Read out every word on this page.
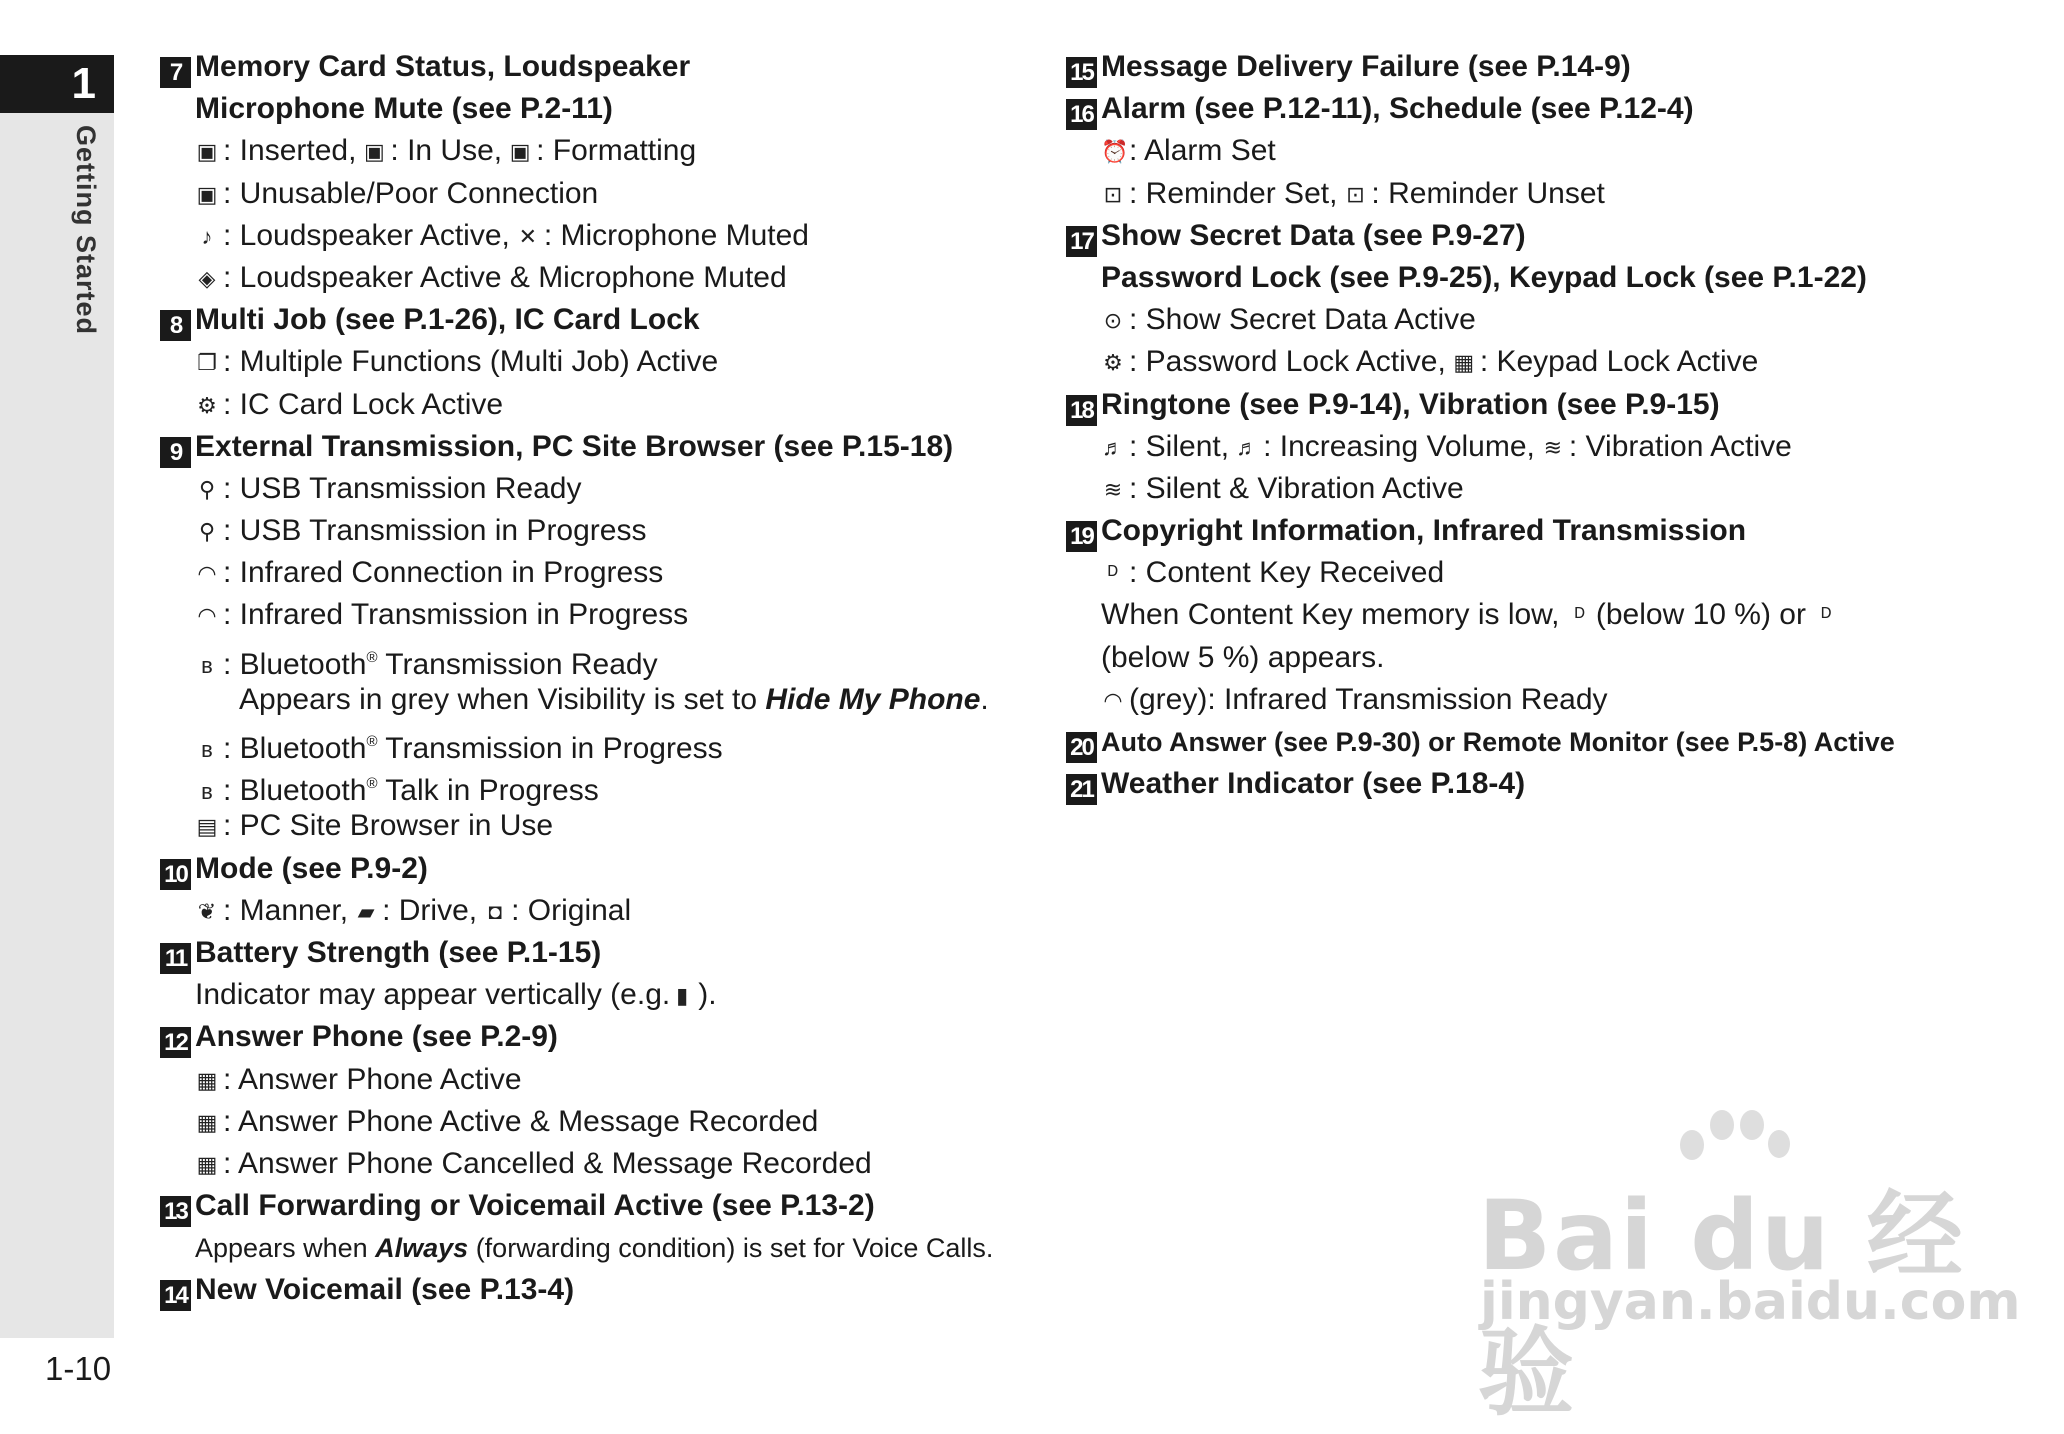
1
Getting Started
1-10
7 Memory Card Status, Loudspeaker
Microphone Mute (see P.2-11)
▣ : Inserted, ▣ : In Use, ▣ : Formatting
▣ : Unusable/Poor Connection
♪ : Loudspeaker Active, ✕ : Microphone Muted
◈ : Loudspeaker Active & Microphone Muted
8 Multi Job (see P.1-26), IC Card Lock
❐ : Multiple Functions (Multi Job) Active
⚙ : IC Card Lock Active
9 External Transmission, PC Site Browser (see P.15-18)
⚲ : USB Transmission Ready
⚲ : USB Transmission in Progress
◠ : Infrared Connection in Progress
◠ : Infrared Transmission in Progress
ʙ : Bluetooth® Transmission Ready
Appears in grey when Visibility is set to Hide My Phone.
ʙ : Bluetooth® Transmission in Progress
ʙ : Bluetooth® Talk in Progress
▤ : PC Site Browser in Use
10 Mode (see P.9-2)
❦ : Manner, ▰ : Drive, ◘ : Original
11 Battery Strength (see P.1-15)
Indicator may appear vertically (e.g. ▮ ).
12 Answer Phone (see P.2-9)
▦ : Answer Phone Active
▦ : Answer Phone Active & Message Recorded
▦ : Answer Phone Cancelled & Message Recorded
13 Call Forwarding or Voicemail Active (see P.13-2)
Appears when Always (forwarding condition) is set for Voice Calls.
14 New Voicemail (see P.13-4)
15 Message Delivery Failure (see P.14-9)
16 Alarm (see P.12-11), Schedule (see P.12-4)
⏰: Alarm Set
⊡ : Reminder Set, ⊡ : Reminder Unset
17 Show Secret Data (see P.9-27)
Password Lock (see P.9-25), Keypad Lock (see P.1-22)
⊙ : Show Secret Data Active
⚙ : Password Lock Active, ▦ : Keypad Lock Active
18 Ringtone (see P.9-14), Vibration (see P.9-15)
♬ : Silent, ♬ : Increasing Volume, ≋ : Vibration Active
≋ : Silent & Vibration Active
19 Copyright Information, Infrared Transmission
ᴰ : Content Key Received
When Content Key memory is low, ᴰ (below 10 %) or ᴰ
(below 5 %) appears.
◠ (grey): Infrared Transmission Ready
20 Auto Answer (see P.9-30) or Remote Monitor (see P.5-8) Active
21 Weather Indicator (see P.18-4)
Bai du 经验
jingyan.baidu.com
